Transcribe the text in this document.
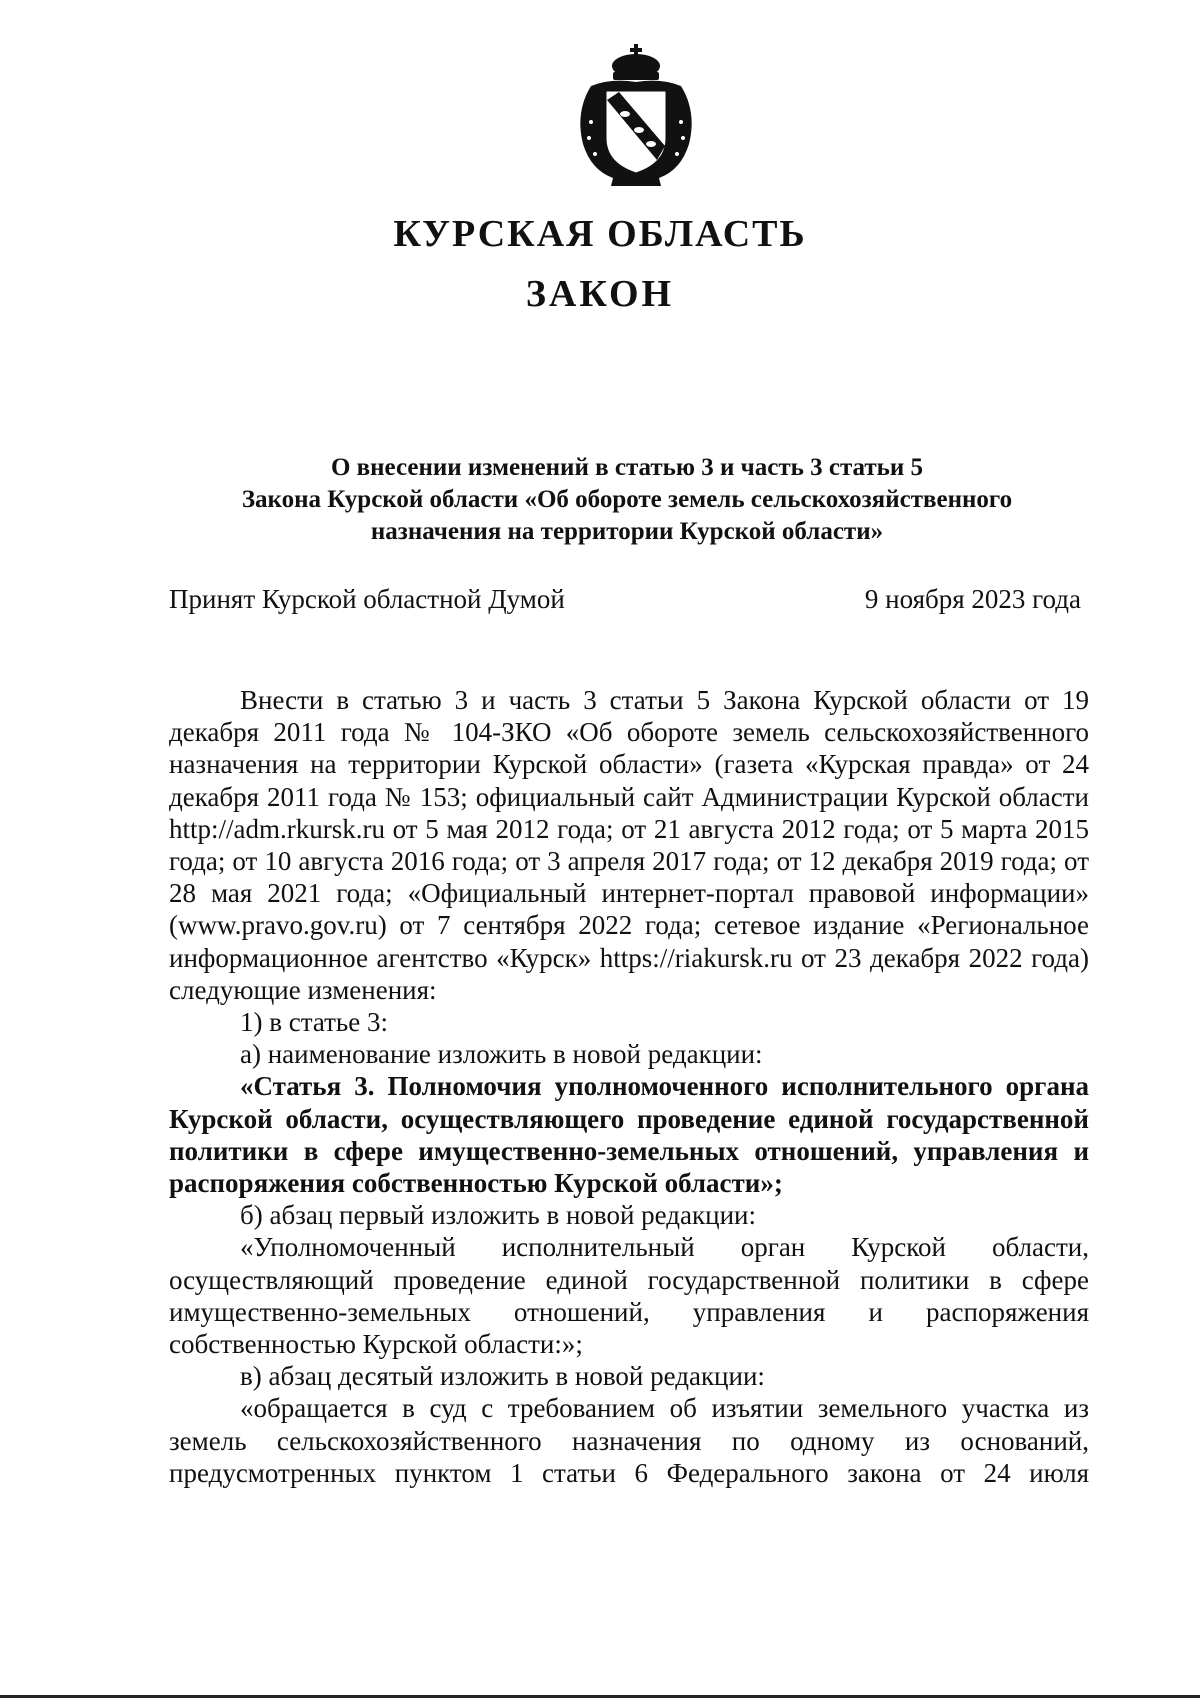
КУРСКАЯ ОБЛАСТЬ
ЗАКОН
О внесении изменений в статью 3 и часть 3 статьи 5
Закона Курской области «Об обороте земель сельскохозяйственного
назначения на территории Курской области»
Принят Курской областной Думой	9 ноября 2023 года

Внести в статью 3 и часть 3 статьи 5 Закона Курской области от 19 декабря 2011 года № 104-ЗКО «Об обороте земель сельскохозяйственного назначения на территории Курской области» (газета «Курская правда» от 24 декабря 2011 года № 153; официальный сайт Администрации Курской области http://adm.rkursk.ru от 5 мая 2012 года; от 21 августа 2012 года; от 5 марта 2015 года; от 10 августа 2016 года; от 3 апреля 2017 года; от 12 декабря 2019 года; от 28 мая 2021 года; «Официальный интернет-портал правовой информации» (www.pravo.gov.ru) от 7 сентября 2022 года; сетевое издание «Региональное информационное агентство «Курск» https://riakursk.ru от 23 декабря 2022 года) следующие изменения:

1) в статье 3:

а) наименование изложить в новой редакции:

«Статья 3. Полномочия уполномоченного исполнительного органа Курской области, осуществляющего проведение единой государственной политики в сфере имущественно-земельных отношений, управления и распоряжения собственностью Курской области»;

б) абзац первый изложить в новой редакции:

«Уполномоченный исполнительный орган Курской области, осуществляющий проведение единой государственной политики в сфере имущественно-земельных отношений, управления и распоряжения собственностью Курской области:»;

в) абзац десятый изложить в новой редакции:

«обращается в суд с требованием об изъятии земельного участка из земель сельскохозяйственного назначения по одному из оснований, предусмотренных пунктом 1 статьи 6 Федерального закона от 24 июля
